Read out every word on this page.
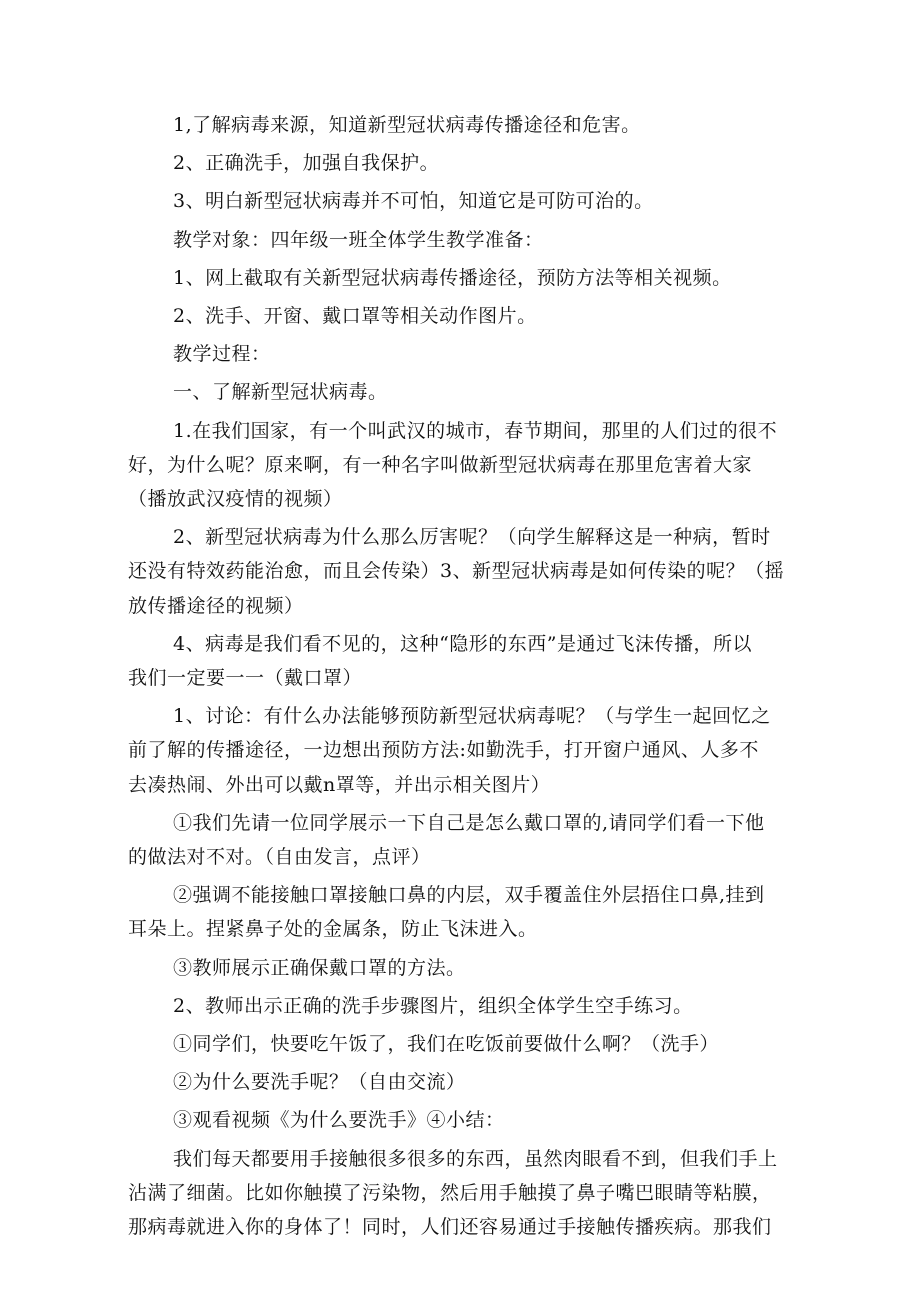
1,了解病毒来源，知道新型冠状病毒传播途径和危害。
2、正确洗手，加强自我保护。
3、明白新型冠状病毒并不可怕，知道它是可防可治的。
教学对象：四年级一班全体学生教学准备：
1、网上截取有关新型冠状病毒传播途径，预防方法等相关视频。
2、洗手、开窗、戴口罩等相关动作图片。
教学过程：
一、了解新型冠状病毒。
1.在我们国家，有一个叫武汉的城市，春节期间，那里的人们过的很不
好，为什么呢？原来啊，有一种名字叫做新型冠状病毒在那里危害着大家
（播放武汉疫情的视频）
2、新型冠状病毒为什么那么厉害呢？（向学生解释这是一种病，暂时
还没有特效药能治愈，而且会传染）3、新型冠状病毒是如何传染的呢？（摇
放传播途径的视频）
4、病毒是我们看不见的，这种“隐形的东西”是通过飞沫传播，所以
我们一定要一一（戴口罩）
1、讨论：有什么办法能够预防新型冠状病毒呢？（与学生一起回忆之
前了解的传播途径，一边想出预防方法:如勤洗手，打开窗户通风、人多不
去凑热闹、外出可以戴n罩等，并出示相关图片）
①我们先请一位同学展示一下自己是怎么戴口罩的,请同学们看一下他
的做法对不对。（自由发言，点评）
②强调不能接触口罩接触口鼻的内层，双手覆盖住外层捂住口鼻,挂到
耳朵上。捏紧鼻子处的金属条，防止飞沫进入。
③教师展示正确保戴口罩的方法。
2、教师出示正确的洗手步骤图片，组织全体学生空手练习。
①同学们，快要吃午饭了，我们在吃饭前要做什么啊？（洗手）
②为什么要洗手呢？（自由交流）
③观看视频《为什么要洗手》④小结：
我们每天都要用手接触很多很多的东西，虽然肉眼看不到，但我们手上
沾满了细菌。比如你触摸了污染物，然后用手触摸了鼻子嘴巴眼睛等粘膜，
那病毒就进入你的身体了！同时，人们还容易通过手接触传播疾病。那我们
